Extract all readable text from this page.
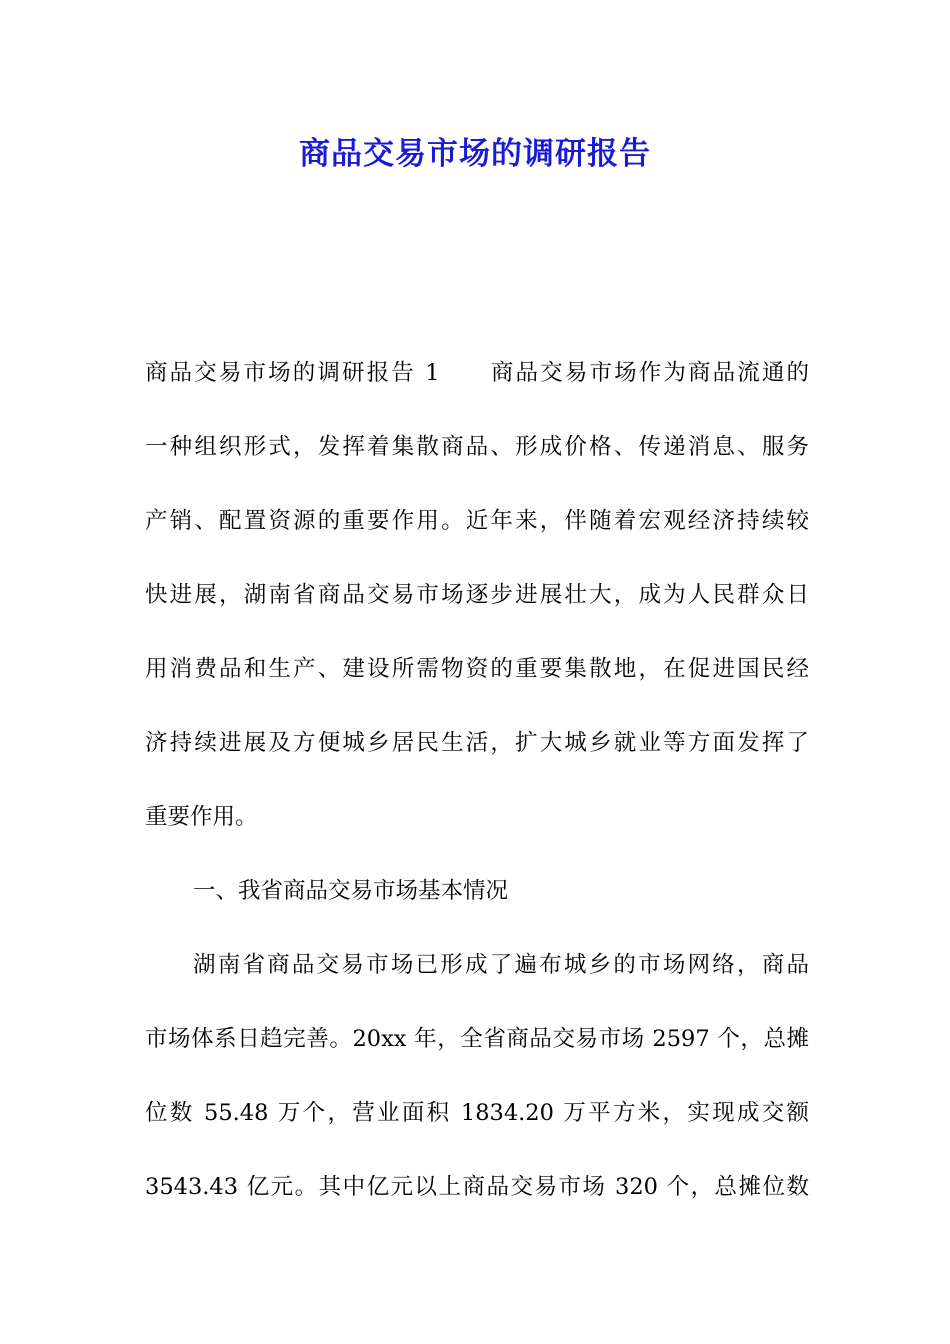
商品交易市场的调研报告

商品交易市场的调研报告 1　　商品交易市场作为商品流通的
一种组织形式，发挥着集散商品、形成价格、传递消息、服务
产销、配置资源的重要作用。近年来，伴随着宏观经济持续较
快进展，湖南省商品交易市场逐步进展壮大，成为人民群众日
用消费品和生产、建设所需物资的重要集散地，在促进国民经
济持续进展及方便城乡居民生活，扩大城乡就业等方面发挥了
重要作用。

一、我省商品交易市场基本情况

湖南省商品交易市场已形成了遍布城乡的市场网络，商品
市场体系日趋完善。20xx 年，全省商品交易市场 2597 个，总摊
位数 55.48 万个，营业面积 1834.20 万平方米，实现成交额
3543.43 亿元。其中亿元以上商品交易市场 320 个，总摊位数
